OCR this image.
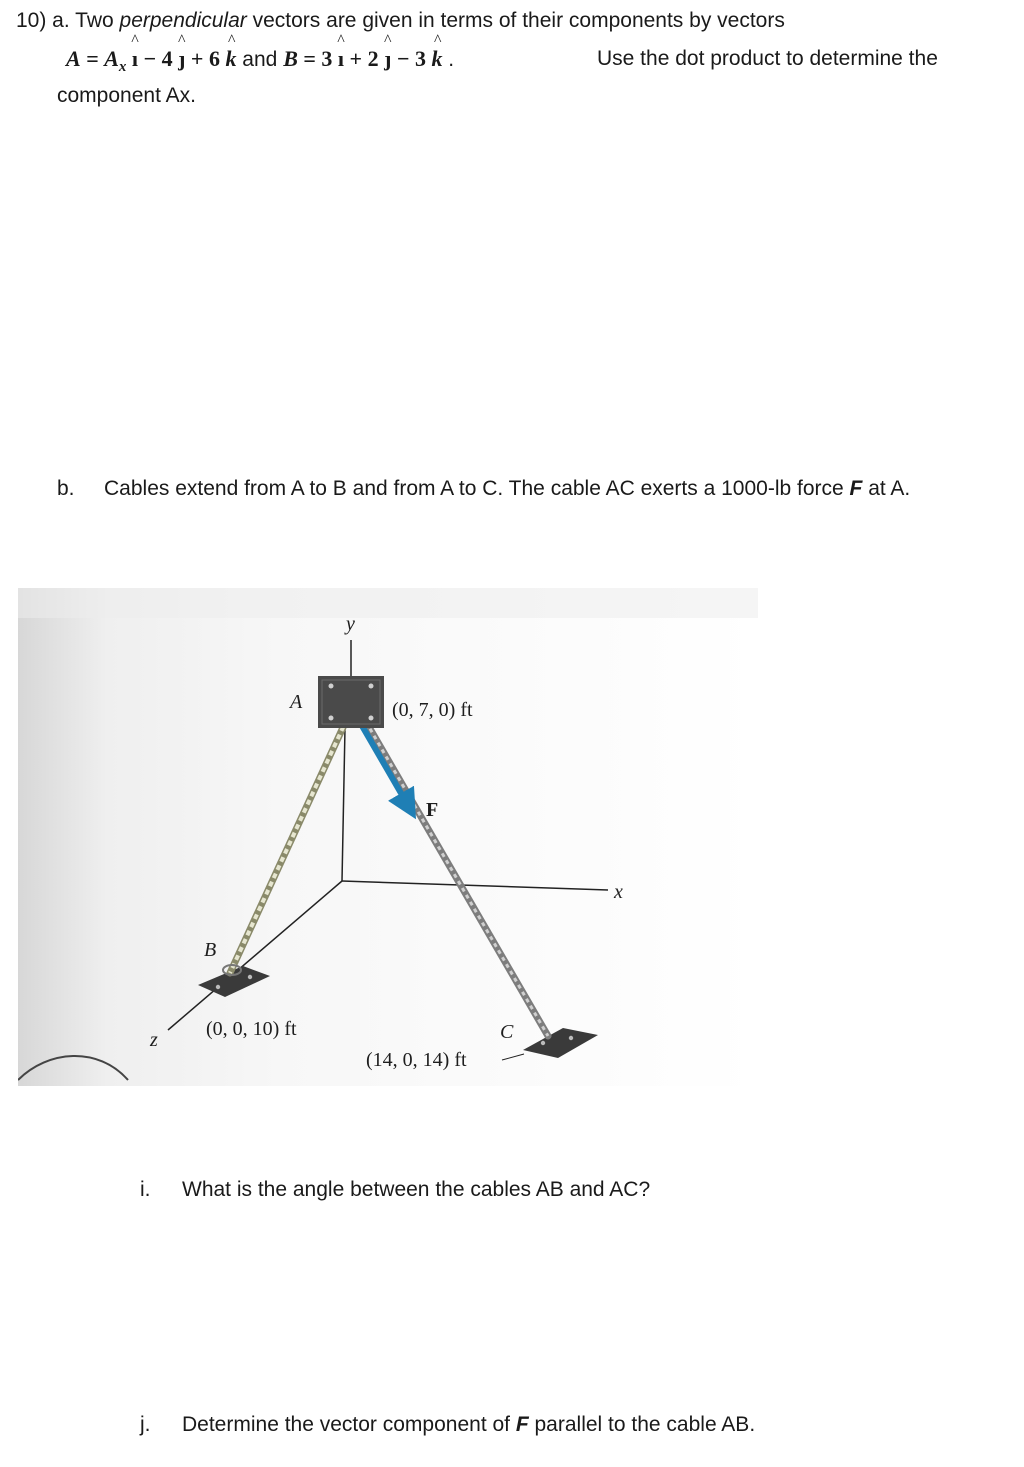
10) a. Two perpendicular vectors are given in terms of their components by vectors
$A = A_x$ ^ ı − 4 ^ ȷ + 6 ^ k and B = 3 ^ ı + 2 ^ ȷ − 3 ^ k .	Use the dot product to determine the
component Ax.
b. Cables extend from A to B and from A to C. The cable AC exerts a 1000-lb force F at A.
y
x
z
A
B
C
F
(0, 7, 0) ft
(0, 0, 10) ft
(14, 0, 14) ft
i. What is the angle between the cables AB and AC?
j. Determine the vector component of F parallel to the cable AB.
